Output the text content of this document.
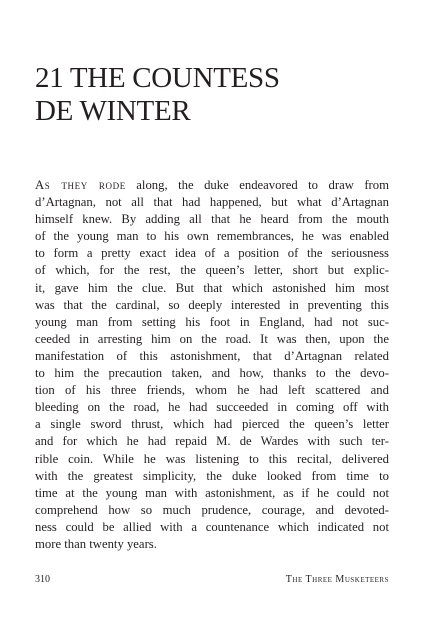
21 THE COUNTESS
DE WINTER
As they rode along, the duke endeavored to draw from
d’Artagnan, not all that had happened, but what d’Artagnan
himself knew. By adding all that he heard from the mouth
of the young man to his own remembrances, he was enabled
to form a pretty exact idea of a position of the seriousness
of which, for the rest, the queen’s letter, short but explic-
it, gave him the clue. But that which astonished him most
was that the cardinal, so deeply interested in preventing this
young man from setting his foot in England, had not suc-
ceeded in arresting him on the road. It was then, upon the
manifestation of this astonishment, that d’Artagnan related
to him the precaution taken, and how, thanks to the devo-
tion of his three friends, whom he had left scattered and
bleeding on the road, he had succeeded in coming off with
a single sword thrust, which had pierced the queen’s letter
and for which he had repaid M. de Wardes with such ter-
rible coin. While he was listening to this recital, delivered
with the greatest simplicity, the duke looked from time to
time at the young man with astonishment, as if he could not
comprehend how so much prudence, courage, and devoted-
ness could be allied with a countenance which indicated not
more than twenty years.
310	The Three Musketeers
